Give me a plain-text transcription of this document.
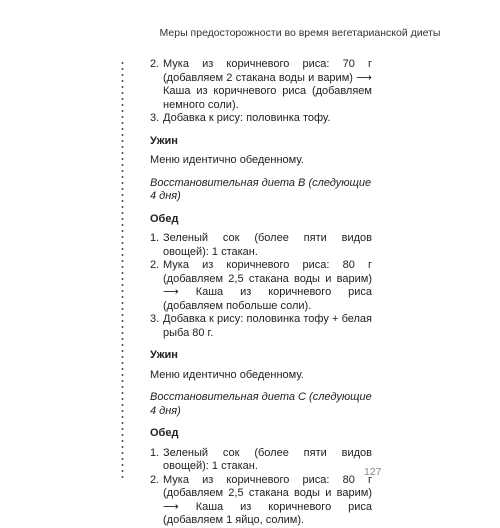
Меры предосторожности во время вегетарианской диеты
2. Мука из коричневого риса: 70 г (добавляем 2 стакана воды и варим) ⟶ Каша из коричневого риса (добавляем немного соли).
3. Добавка к рису: половинка тофу.
Ужин
Меню идентично обеденному.
Восстановительная диета В (следующие 4 дня)
Обед
1. Зеленый сок (более пяти видов овощей): 1 стакан.
2. Мука из коричневого риса: 80 г (добавляем 2,5 стакана воды и варим) ⟶ Каша из коричневого риса (добавляем побольше соли).
3. Добавка к рису: половинка тофу + белая рыба 80 г.
Ужин
Меню идентично обеденному.
Восстановительная диета С (следующие 4 дня)
Обед
1. Зеленый сок (более пяти видов овощей): 1 стакан.
2. Мука из коричневого риса: 80 г (добавляем 2,5 стакана воды и варим) ⟶ Каша из коричневого риса (добавляем 1 яйцо, солим).
127
